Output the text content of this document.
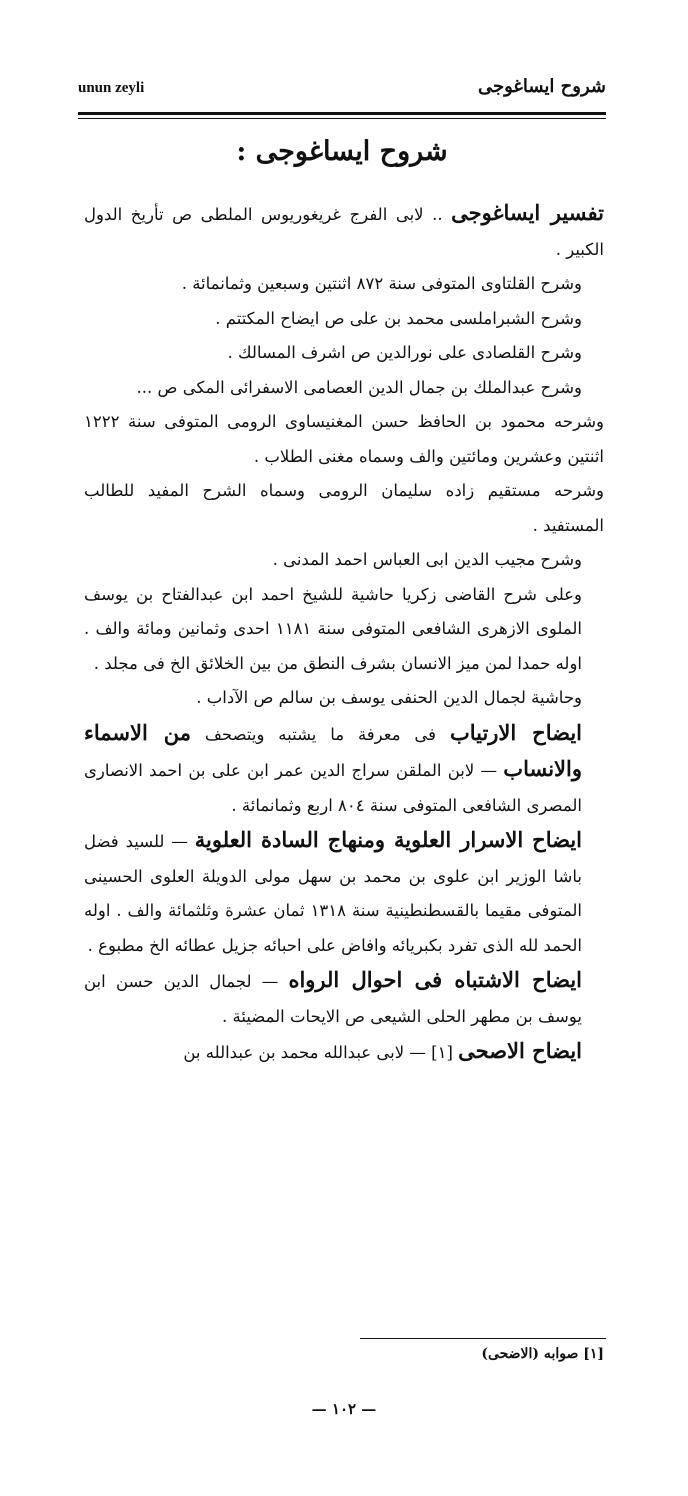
unun zeyli	شروح ايساغوجى
شروح ايساغوجى :

تفسير ايساغوجى .. لابى الفرج غريغوريوس الملطى ص تأريخ الدول الكبير .

وشرح القلتاوى المتوفى سنة ٨٧٢ اثنتين وسبعين وثمانمائة .

وشرح الشبراملسى محمد بن على ص ايضاح المكتتم .

وشرح القلصادى على نورالدين ص اشرف المسالك .

وشرح عبدالملك بن جمال الدين العصامى الاسفرائى المكى ص ...

وشرحه محمود بن الحافظ حسن المغنيساوى الرومى المتوفى سنة ١٢٢٢ اثنتين وعشرين ومائتين والف وسماه مغنى الطلاب .

وشرحه مستقيم زاده سليمان الرومى وسماه الشرح المفيد للطالب المستفيد .

وشرح مجيب الدين ابى العباس احمد المدنى .

وعلى شرح القاضى زكريا حاشية للشيخ احمد ابن عبدالفتاح بن يوسف الملوى الازهرى الشافعى المتوفى سنة ١١٨١ احدى وثمانين ومائة والف . اوله حمدا لمن ميز الانسان بشرف النطق من بين الخلائق الخ فى مجلد .

وحاشية لجمال الدين الحنفى يوسف بن سالم ص الآداب .

ايضاح الارتياب فى معرفة ما يشتبه ويتصحف من الاسماء والانساب — لابن الملقن سراج الدين عمر ابن على بن احمد الانصارى المصرى الشافعى المتوفى سنة ٨٠٤ اربع وثمانمائة .

ايضاح الاسرار العلوية ومنهاج السادة العلوية — للسيد فضل باشا الوزير ابن علوى بن محمد بن سهل مولى الدويلة العلوى الحسينى المتوفى مقيما بالقسطنطينية سنة ١٣١٨ ثمان عشرة وثلثمائة والف . اوله الحمد لله الذى تفرد بكبريائه وافاض على احبائه جزيل عطائه الخ مطبوع .

ايضاح الاشتباه فى احوال الرواه — لجمال الدين حسن ابن يوسف بن مطهر الحلى الشيعى ص الايحات المضيئة .

ايضاح الاصحى [١] — لابى عبدالله محمد بن عبدالله بن

[١] صوابه (الاضحى)
— ١٠٢ —
